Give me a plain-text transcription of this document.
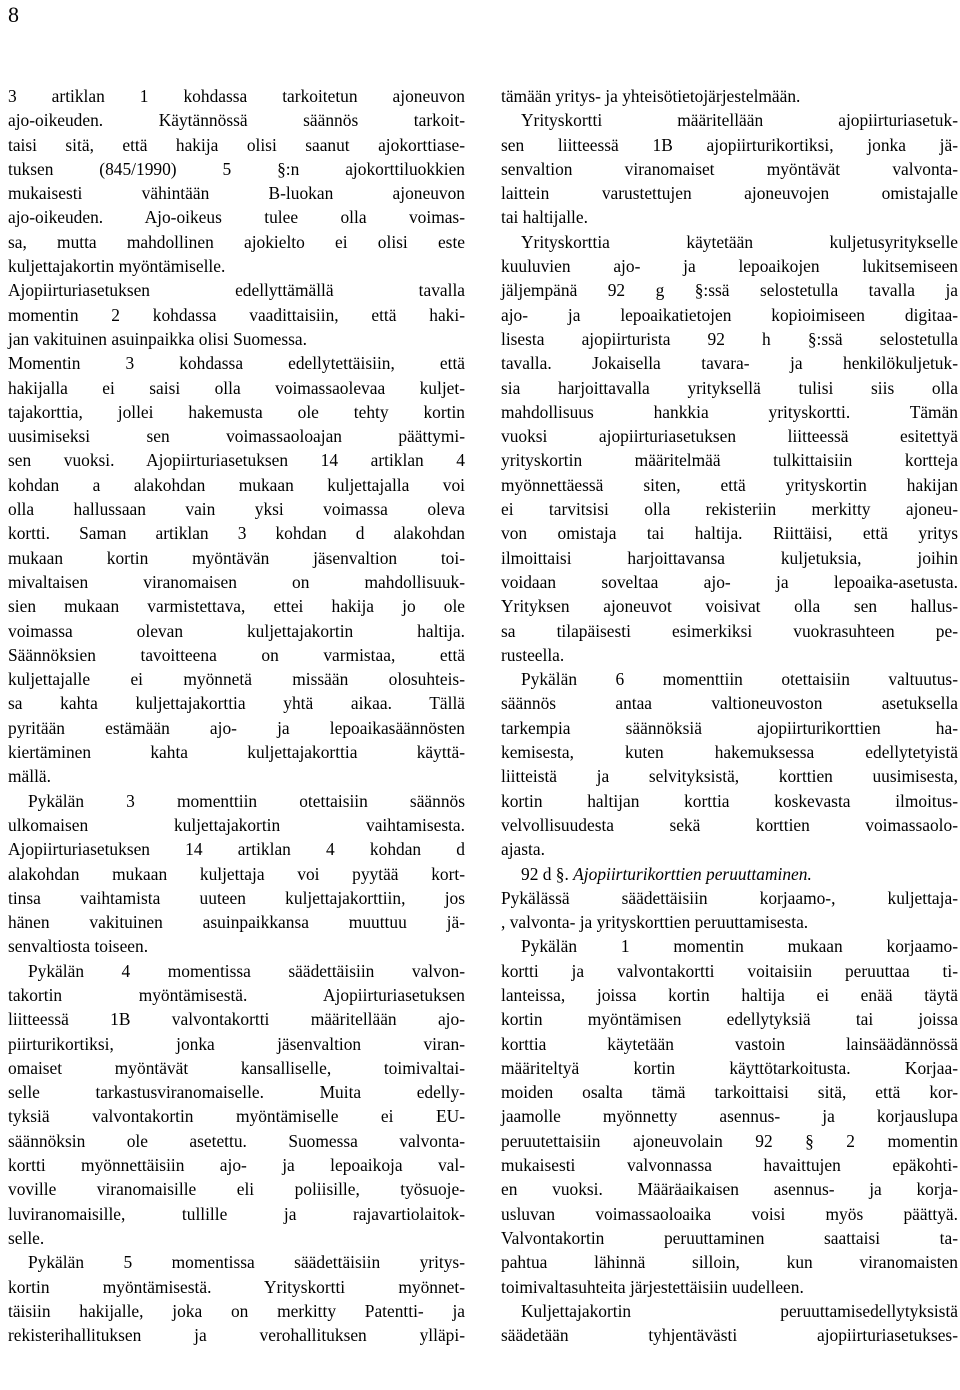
8
3 artiklan 1 kohdassa tarkoitetun ajoneuvon
ajo-oikeuden. Käytännössä säännös tarkoit-
taisi sitä, että hakija olisi saanut ajokorttiase-
tuksen (845/1990) 5 §:n ajokorttiluokkien
mukaisesti vähintään B-luokan ajoneuvon
ajo-oikeuden. Ajo-oikeus tulee olla voimas-
sa, mutta mahdollinen ajokielto ei olisi este
kuljettajakortin myöntämiselle.
Ajopiirturiasetuksen edellyttämällä tavalla
momentin 2 kohdassa vaadittaisiin, että haki-
jan vakituinen asuinpaikka olisi Suomessa.
Momentin 3 kohdassa edellytettäisiin, että
hakijalla ei saisi olla voimassaolevaa kuljet-
tajakorttia, jollei hakemusta ole tehty kortin
uusimiseksi sen voimassaoloajan päättymi-
sen vuoksi. Ajopiirturiasetuksen 14 artiklan 4
kohdan a alakohdan mukaan kuljettajalla voi
olla hallussaan vain yksi voimassa oleva
kortti. Saman artiklan 3 kohdan d alakohdan
mukaan kortin myöntävän jäsenvaltion toi-
mivaltaisen viranomaisen on mahdollisuuk-
sien mukaan varmistettava, ettei hakija jo ole
voimassa olevan kuljettajakortin haltija.
Säännöksien tavoitteena on varmistaa, että
kuljettajalle ei myönnetä missään olosuhteis-
sa kahta kuljettajakorttia yhtä aikaa. Tällä
pyritään estämään ajo- ja lepoaikasäännösten
kiertäminen kahta kuljettajakorttia käyttä-
mällä.
Pykälän 3 momenttiin otettaisiin säännös
ulkomaisen kuljettajakortin vaihtamisesta.
Ajopiirturiasetuksen 14 artiklan 4 kohdan d
alakohdan mukaan kuljettaja voi pyytää kort-
tinsa vaihtamista uuteen kuljettajakorttiin, jos
hänen vakituinen asuinpaikkansa muuttuu jä-
senvaltiosta toiseen.
Pykälän 4 momentissa säädettäisiin valvon-
takortin myöntämisestä. Ajopiirturiasetuksen
liitteessä 1B valvontakortti määritellään ajo-
piirturikortiksi, jonka jäsenvaltion viran-
omaiset myöntävät kansalliselle, toimivaltai-
selle tarkastusviranomaiselle. Muita edelly-
tyksiä valvontakortin myöntämiselle ei EU-
säännöksin ole asetettu. Suomessa valvonta-
kortti myönnettäisiin ajo- ja lepoaikoja val-
voville viranomaisille eli poliisille, työsuoje-
luviranomaisille, tullille ja rajavartiolaitok-
selle.
Pykälän 5 momentissa säädettäisiin yritys-
kortin myöntämisestä. Yrityskortti myönnet-
täisiin hakijalle, joka on merkitty Patentti- ja
rekisterihallituksen ja verohallituksen ylläpi-
tämään yritys- ja yhteisötietojärjestelmään.
Yrityskortti määritellään ajopiirturiasetuk-
sen liitteessä 1B ajopiirturikortiksi, jonka jä-
senvaltion viranomaiset myöntävät valvonta-
laittein varustettujen ajoneuvojen omistajalle
tai haltijalle.
Yrityskorttia käytetään kuljetusyritykselle
kuuluvien ajo- ja lepoaikojen lukitsemiseen
jäljempänä 92 g §:ssä selostetulla tavalla ja
ajo- ja lepoaikatietojen kopioimiseen digitaa-
lisesta ajopiirturista 92 h §:ssä selostetulla
tavalla. Jokaisella tavara- ja henkilökuljetuk-
sia harjoittavalla yrityksellä tulisi siis olla
mahdollisuus hankkia yrityskortti. Tämän
vuoksi ajopiirturiasetuksen liitteessä esitettyä
yrityskortin määritelmää tulkittaisiin kortteja
myönnettäessä siten, että yrityskortin hakijan
ei tarvitsisi olla rekisteriin merkitty ajoneu-
von omistaja tai haltija. Riittäisi, että yritys
ilmoittaisi harjoittavansa kuljetuksia, joihin
voidaan soveltaa ajo- ja lepoaika-asetusta.
Yrityksen ajoneuvot voisivat olla sen hallus-
sa tilapäisesti esimerkiksi vuokrasuhteen pe-
rusteella.
Pykälän 6 momenttiin otettaisiin valtuutus-
säännös antaa valtioneuvoston asetuksella
tarkempia säännöksiä ajopiirturikorttien ha-
kemisesta, kuten hakemuksessa edellytetyistä
liitteistä ja selvityksistä, korttien uusimisesta,
kortin haltijan korttia koskevasta ilmoitus-
velvollisuudesta sekä korttien voimassaolo-
ajasta.
92 d §. Ajopiirturikorttien peruuttaminen.
Pykälässä säädettäisiin korjaamo-, kuljettaja-
, valvonta- ja yrityskorttien peruuttamisesta.
Pykälän 1 momentin mukaan korjaamo-
kortti ja valvontakortti voitaisiin peruuttaa ti-
lanteissa, joissa kortin haltija ei enää täytä
kortin myöntämisen edellytyksiä tai joissa
korttia käytetään vastoin lainsäädännössä
määriteltyä kortin käyttötarkoitusta. Korjaa-
moiden osalta tämä tarkoittaisi sitä, että kor-
jaamolle myönnetty asennus- ja korjauslupa
peruutettaisiin ajoneuvolain 92 § 2 momentin
mukaisesti valvonnassa havaittujen epäkohti-
en vuoksi. Määräaikaisen asennus- ja korja-
usluvan voimassaoloaika voisi myös päättyä.
Valvontakortin peruuttaminen saattaisi ta-
pahtua lähinnä silloin, kun viranomaisten
toimivaltasuhteita järjestettäisiin uudelleen.
Kuljettajakortin peruuttamisedellytyksistä
säädetään tyhjentävästi ajopiirturiasetukses-
